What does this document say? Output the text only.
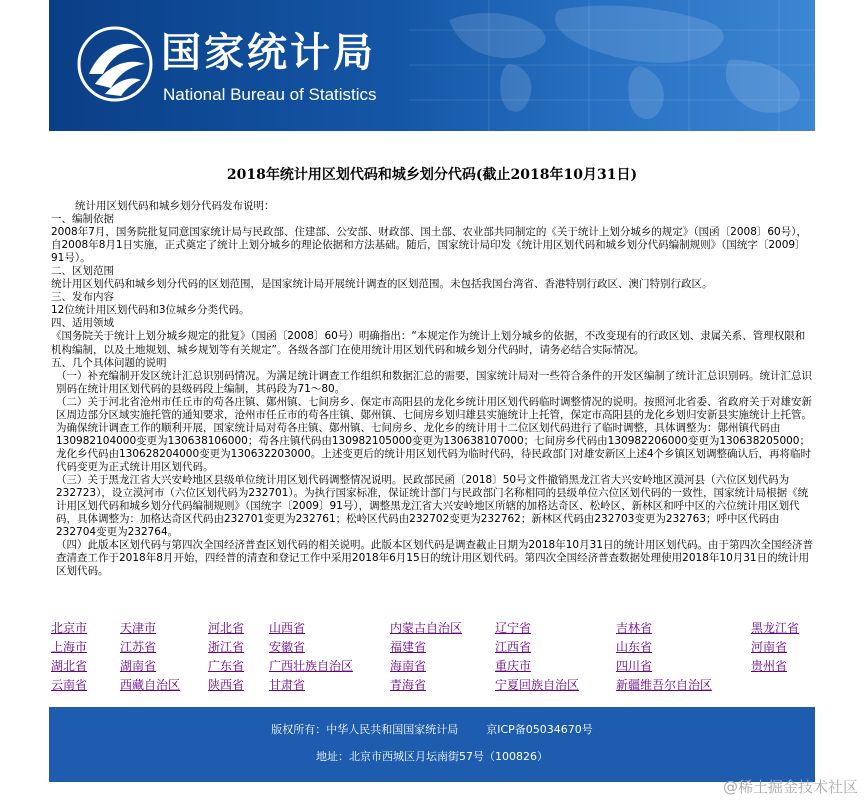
国家统计局
National Bureau of Statistics
2018年统计用区划代码和城乡划分代码(截止2018年10月31日)

统计用区划代码和城乡划分代码发布说明：

一、编制依据

2008年7月，国务院批复同意国家统计局与民政部、住建部、公安部、财政部、国土部、农业部共同制定的《关于统计上划分城乡的规定》（国函〔2008〕60号），自2008年8月1日实施，正式奠定了统计上划分城乡的理论依据和方法基础。随后，国家统计局印发《统计用区划代码和城乡划分代码编制规则》（国统字〔2009〕91号）。

二、区划范围

统计用区划代码和城乡划分代码的区划范围，是国家统计局开展统计调查的区划范围。未包括我国台湾省、香港特别行政区、澳门特别行政区。

三、发布内容

12位统计用区划代码和3位城乡分类代码。

四、适用领域

《国务院关于统计上划分城乡规定的批复》（国函〔2008〕60号）明确指出：“本规定作为统计上划分城乡的依据，不改变现有的行政区划、隶属关系、管理权限和机构编制，以及土地规划、城乡规划等有关规定”。各级各部门在使用统计用区划代码和城乡划分代码时，请务必结合实际情况。

五、几个具体问题的说明

（一）补充编制开发区统计汇总识别码情况。为满足统计调查工作组织和数据汇总的需要，国家统计局对一些符合条件的开发区编制了统计汇总识别码。统计汇总识别码在统计用区划代码的县级码段上编制，其码段为71～80。

（二）关于河北省沧州市任丘市的苟各庄镇、鄚州镇、七间房乡、保定市高阳县的龙化乡统计用区划代码临时调整情况的说明。按照河北省委、省政府关于对雄安新区周边部分区域实施托管的通知要求，沧州市任丘市的苟各庄镇、鄚州镇、七间房乡划归雄县实施统计上托管，保定市高阳县的龙化乡划归安新县实施统计上托管。为确保统计调查工作的顺利开展，国家统计局对苟各庄镇、鄚州镇、七间房乡、龙化乡的统计用十二位区划代码进行了临时调整，具体调整为：鄚州镇代码由130982104000变更为130638106000；苟各庄镇代码由130982105000变更为130638107000；七间房乡代码由130982206000变更为130638205000；龙化乡代码由130628204000变更为130632203000。上述变更后的统计用区划代码为临时代码，待民政部门对雄安新区上述4个乡镇区划调整确认后，再将临时代码变更为正式统计用区划代码。

（三）关于黑龙江省大兴安岭地区县级单位统计用区划代码调整情况说明。民政部民函〔2018〕50号文件撤销黑龙江省大兴安岭地区漠河县（六位区划代码为232723），设立漠河市（六位区划代码为232701）。为执行国家标准，保证统计部门与民政部门名称相同的县级单位六位区划代码的一致性，国家统计局根据《统计用区划代码和城乡划分代码编制规则》（国统字〔2009〕91号），调整黑龙江省大兴安岭地区所辖的加格达奇区、松岭区、新林区和呼中区的六位统计用区划代码，具体调整为：加格达奇区代码由232701变更为232761；松岭区代码由232702变更为232762；新林区代码由232703变更为232763；呼中区代码由232704变更为232764。

（四）此版本区划代码与第四次全国经济普查区划代码的相关说明。此版本区划代码是调查截止日期为2018年10月31日的统计用区划代码。由于第四次全国经济普查清查工作于2018年8月开始，四经普的清查和登记工作中采用2018年6月15日的统计用区划代码。第四次全国经济普查数据处理使用2018年10月31日的统计用区划代码。

北京市	天津市	河北省	山西省	内蒙古自治区	辽宁省	吉林省	黑龙江省
上海市	江苏省	浙江省	安徽省	福建省	江西省	山东省	河南省
湖北省	湖南省	广东省	广西壮族自治区	海南省	重庆市	四川省	贵州省
云南省	西藏自治区	陕西省	甘肃省	青海省	宁夏回族自治区	新疆维吾尔自治区	
版权所有：中华人民共和国国家统计局	京ICP备05034670号
地址：北京市西城区月坛南街57号（100826）
@稀土掘金技术社区
